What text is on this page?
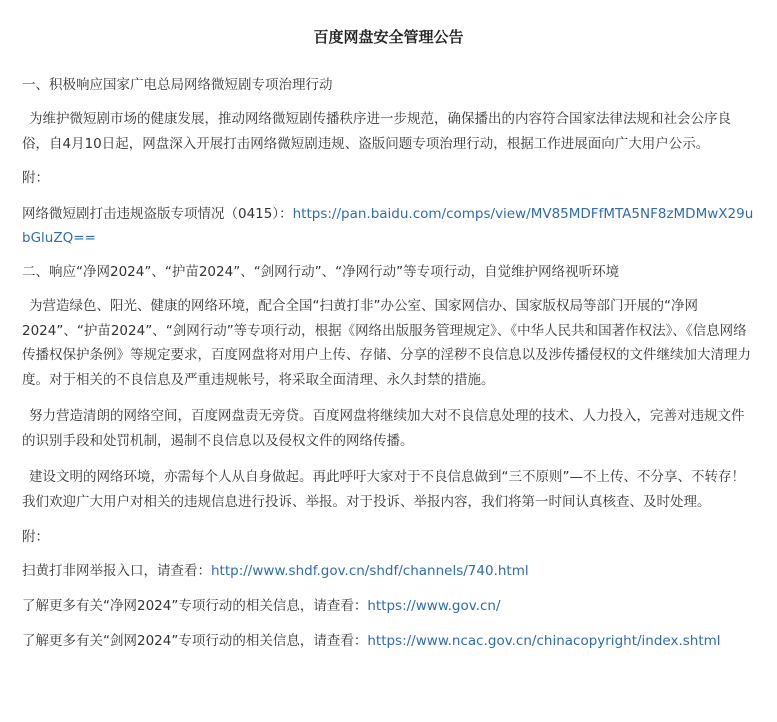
百度网盘安全管理公告

一、积极响应国家广电总局网络微短剧专项治理行动

为维护微短剧市场的健康发展，推动网络微短剧传播秩序进一步规范，确保播出的内容符合国家法律法规和社会公序良俗，自4月10日起，网盘深入开展打击网络微短剧违规、盗版问题专项治理行动，根据工作进展面向广大用户公示。

附：

网络微短剧打击违规盗版专项情况（0415）：https://pan.baidu.com/comps/view/MV85MDFfMTA5NF8zMDMwX29ubGluZQ==

二、响应“净网2024”、“护苗2024”、“剑网行动”、“净网行动”等专项行动，自觉维护网络视听环境

为营造绿色、阳光、健康的网络环境，配合全国“扫黄打非”办公室、国家网信办、国家版权局等部门开展的“净网2024”、“护苗2024”、“剑网行动”等专项行动，根据《网络出版服务管理规定》、《中华人民共和国著作权法》、《信息网络传播权保护条例》等规定要求，百度网盘将对用户上传、存储、分享的淫秽不良信息以及涉传播侵权的文件继续加大清理力度。对于相关的不良信息及严重违规帐号，将采取全面清理、永久封禁的措施。

努力营造清朗的网络空间，百度网盘责无旁贷。百度网盘将继续加大对不良信息处理的技术、人力投入，完善对违规文件的识别手段和处罚机制，遏制不良信息以及侵权文件的网络传播。

建设文明的网络环境，亦需每个人从自身做起。再此呼吁大家对于不良信息做到“三不原则”—不上传、不分享、不转存！我们欢迎广大用户对相关的违规信息进行投诉、举报。对于投诉、举报内容，我们将第一时间认真核查、及时处理。

附：

扫黄打非网举报入口，请查看：http://www.shdf.gov.cn/shdf/channels/740.html

了解更多有关“净网2024”专项行动的相关信息，请查看：https://www.gov.cn/

了解更多有关“剑网2024”专项行动的相关信息，请查看：https://www.ncac.gov.cn/chinacopyright/index.shtml
